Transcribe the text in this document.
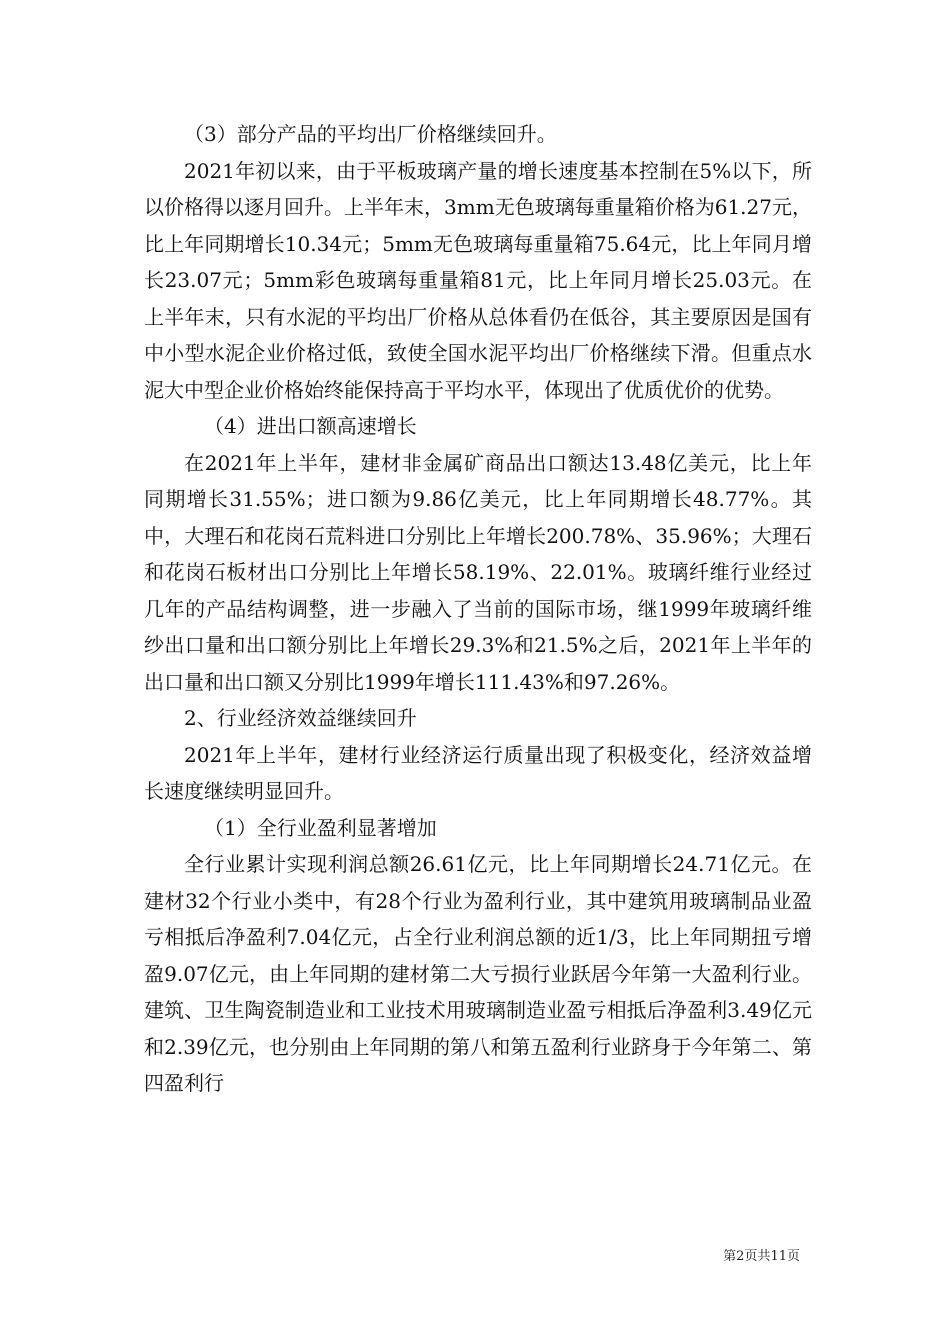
（3）部分产品的平均出厂价格继续回升。

2021年初以来，由于平板玻璃产量的增长速度基本控制在5%以下，所以价格得以逐月回升。上半年末，3mm无色玻璃每重量箱价格为61.27元，比上年同期增长10.34元；5mm无色玻璃每重量箱75.64元，比上年同月增长23.07元；5mm彩色玻璃每重量箱81元，比上年同月增长25.03元。在上半年末，只有水泥的平均出厂价格从总体看仍在低谷，其主要原因是国有中小型水泥企业价格过低，致使全国水泥平均出厂价格继续下滑。但重点水泥大中型企业价格始终能保持高于平均水平，体现出了优质优价的优势。

（4）进出口额高速增长

在2021年上半年，建材非金属矿商品出口额达13.48亿美元，比上年同期增长31.55%；进口额为9.86亿美元，比上年同期增长48.77%。其中，大理石和花岗石荒料进口分别比上年增长200.78%、35.96%；大理石和花岗石板材出口分别比上年增长58.19%、22.01%。玻璃纤维行业经过几年的产品结构调整，进一步融入了当前的国际市场，继1999年玻璃纤维纱出口量和出口额分别比上年增长29.3%和21.5%之后，2021年上半年的出口量和出口额又分别比1999年增长111.43%和97.26%。

2、行业经济效益继续回升

2021年上半年，建材行业经济运行质量出现了积极变化，经济效益增长速度继续明显回升。

（1）全行业盈利显著增加

全行业累计实现利润总额26.61亿元，比上年同期增长24.71亿元。在建材32个行业小类中，有28个行业为盈利行业，其中建筑用玻璃制品业盈亏相抵后净盈利7.04亿元，占全行业利润总额的近1/3，比上年同期扭亏增盈9.07亿元，由上年同期的建材第二大亏损行业跃居今年第一大盈利行业。建筑、卫生陶瓷制造业和工业技术用玻璃制造业盈亏相抵后净盈利3.49亿元和2.39亿元，也分别由上年同期的第八和第五盈利行业跻身于今年第二、第四盈利行

第2页共11页
